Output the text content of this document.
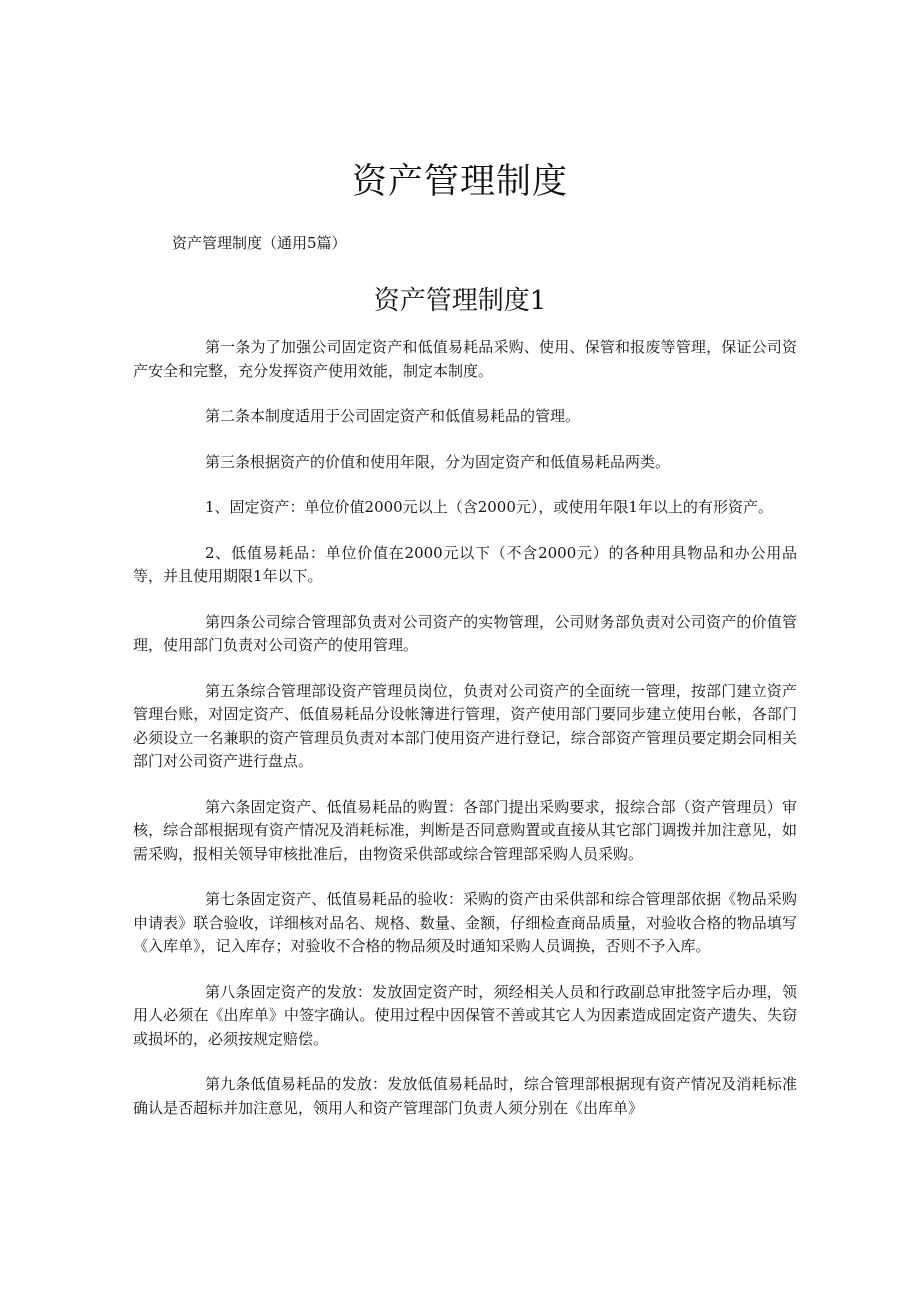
资产管理制度

资产管理制度（通用5篇）

资产管理制度1

第一条为了加强公司固定资产和低值易耗品采购、使用、保管和报废等管理，保证公司资产安全和完整，充分发挥资产使用效能，制定本制度。

第二条本制度适用于公司固定资产和低值易耗品的管理。

第三条根据资产的价值和使用年限，分为固定资产和低值易耗品两类。

1、固定资产：单位价值2000元以上（含2000元），或使用年限1年以上的有形资产。

2、低值易耗品：单位价值在2000元以下（不含2000元）的各种用具物品和办公用品等，并且使用期限1年以下。

第四条公司综合管理部负责对公司资产的实物管理，公司财务部负责对公司资产的价值管理，使用部门负责对公司资产的使用管理。

第五条综合管理部设资产管理员岗位，负责对公司资产的全面统一管理，按部门建立资产管理台账，对固定资产、低值易耗品分设帐簿进行管理，资产使用部门要同步建立使用台帐，各部门必须设立一名兼职的资产管理员负责对本部门使用资产进行登记，综合部资产管理员要定期会同相关部门对公司资产进行盘点。

第六条固定资产、低值易耗品的购置：各部门提出采购要求，报综合部（资产管理员）审核，综合部根据现有资产情况及消耗标准，判断是否同意购置或直接从其它部门调拨并加注意见，如需采购，报相关领导审核批准后，由物资采供部或综合管理部采购人员采购。

第七条固定资产、低值易耗品的验收：采购的资产由采供部和综合管理部依据《物品采购申请表》联合验收，详细核对品名、规格、数量、金额，仔细检查商品质量，对验收合格的物品填写《入库单》，记入库存；对验收不合格的物品须及时通知采购人员调换，否则不予入库。

第八条固定资产的发放：发放固定资产时，须经相关人员和行政副总审批签字后办理，领用人必须在《出库单》中签字确认。使用过程中因保管不善或其它人为因素造成固定资产遗失、失窃或损坏的，必须按规定赔偿。

第九条低值易耗品的发放：发放低值易耗品时，综合管理部根据现有资产情况及消耗标准确认是否超标并加注意见，领用人和资产管理部门负责人须分别在《出库单》
